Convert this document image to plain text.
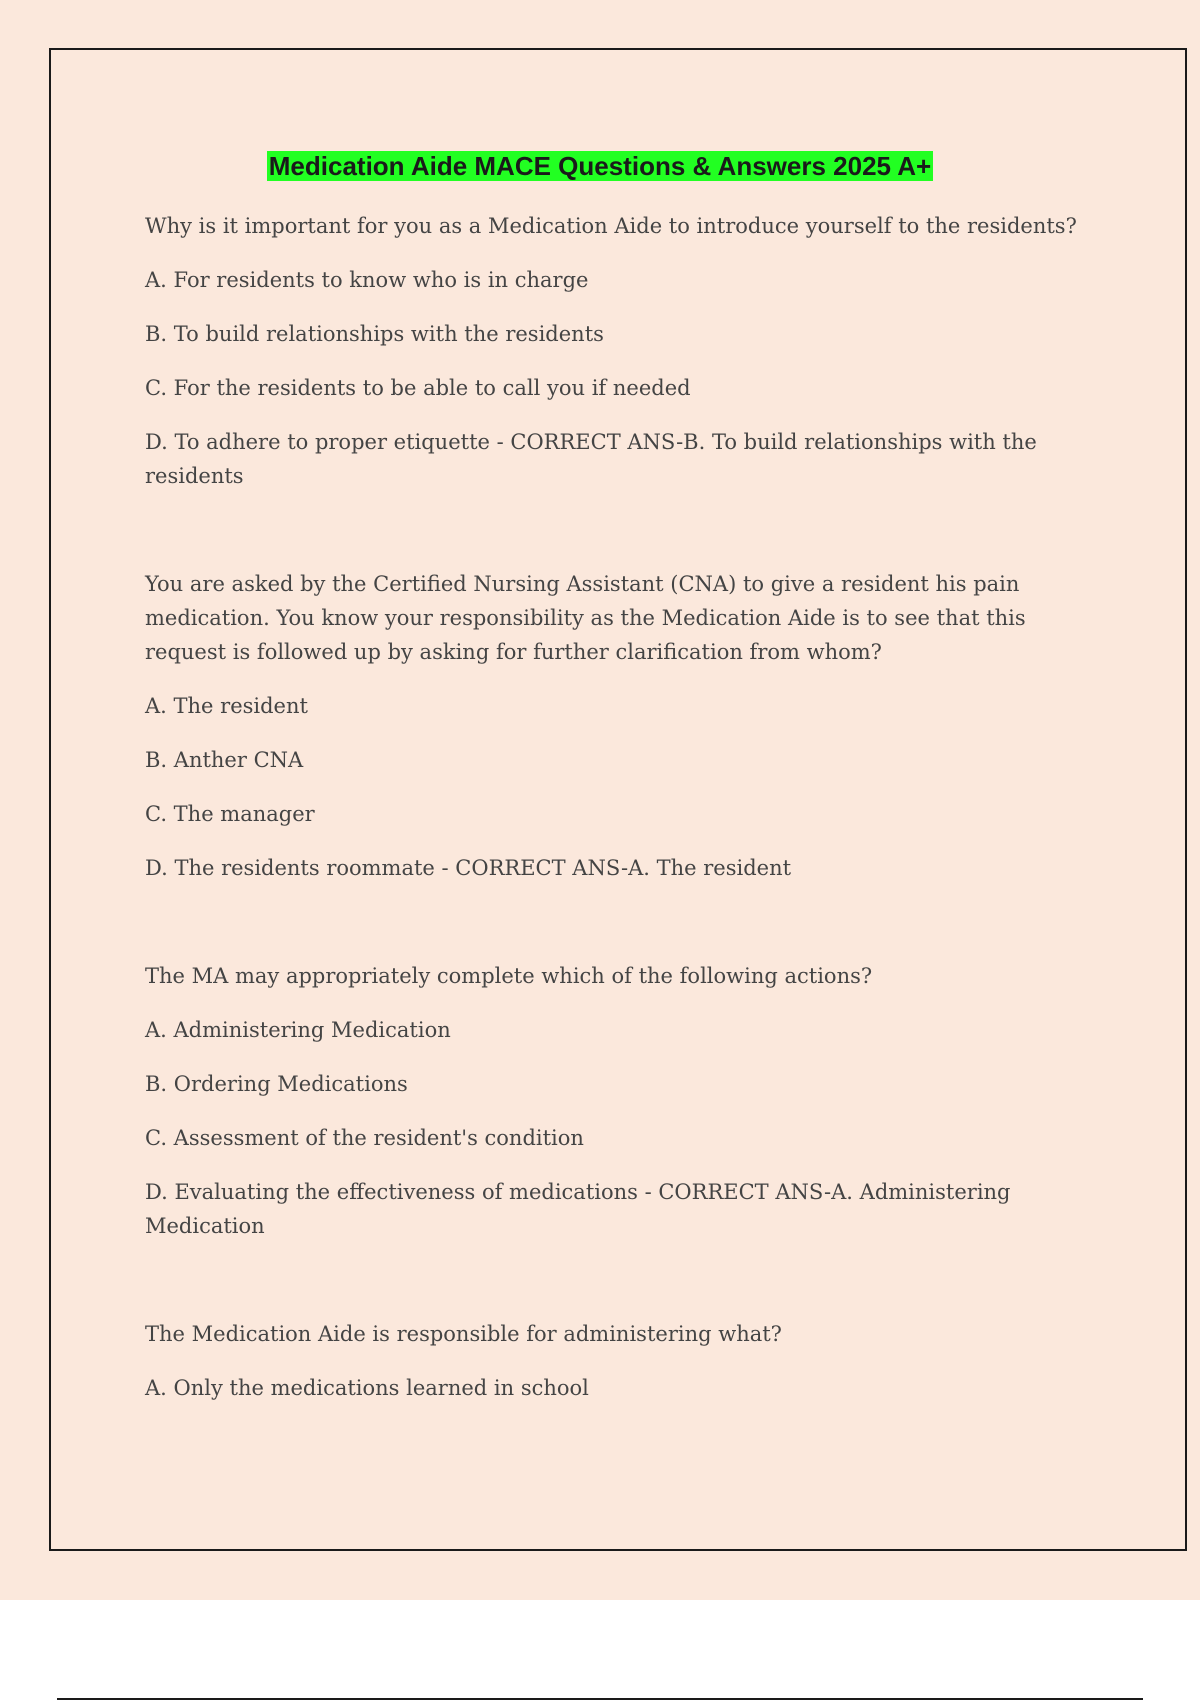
Medication Aide MACE Questions & Answers 2025 A+

Why is it important for you as a Medication Aide to introduce yourself to the residents?

A. For residents to know who is in charge

B. To build relationships with the residents

C. For the residents to be able to call you if needed

D. To adhere to proper etiquette - CORRECT ANS-B. To build relationships with the residents

You are asked by the Certified Nursing Assistant (CNA) to give a resident his pain medication. You know your responsibility as the Medication Aide is to see that this request is followed up by asking for further clarification from whom?

A. The resident

B. Anther CNA

C. The manager

D. The residents roommate - CORRECT ANS-A. The resident

The MA may appropriately complete which of the following actions?

A. Administering Medication

B. Ordering Medications

C. Assessment of the resident's condition

D. Evaluating the effectiveness of medications - CORRECT ANS-A. Administering Medication

The Medication Aide is responsible for administering what?

A. Only the medications learned in school
